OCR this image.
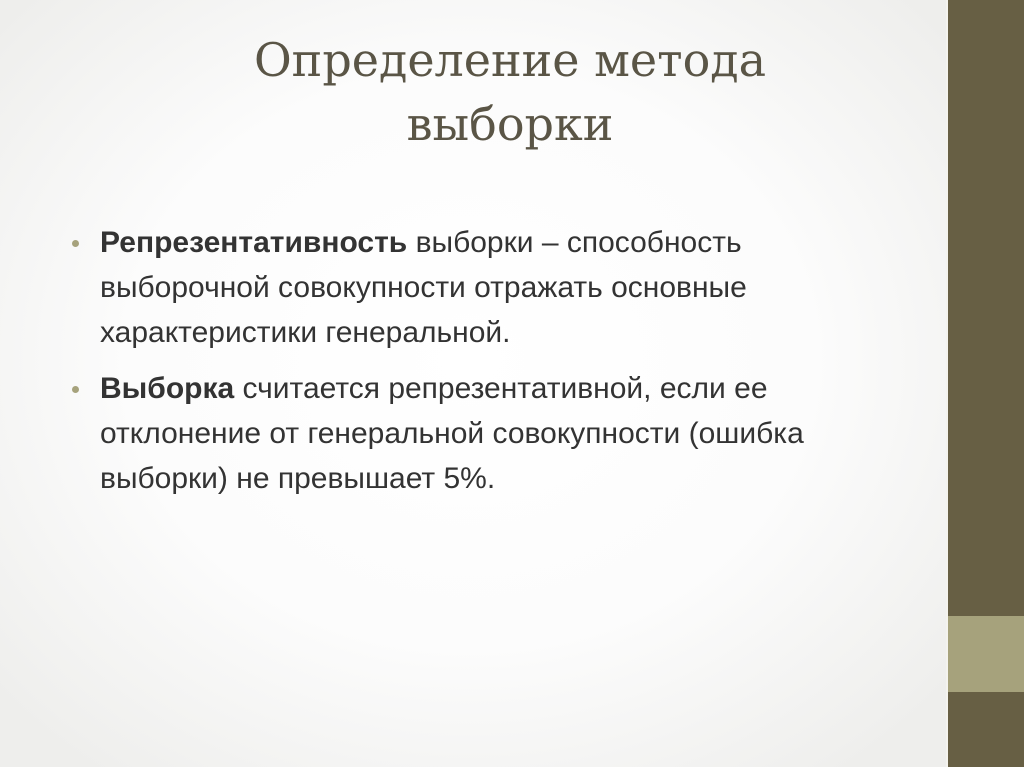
Определение метода
выборки
Репрезентативность выборки – способность выборочной совокупности отражать основные характеристики генеральной.
Выборка считается репрезентативной, если ее отклонение от генеральной совокупности (ошибка выборки) не превышает 5%.
